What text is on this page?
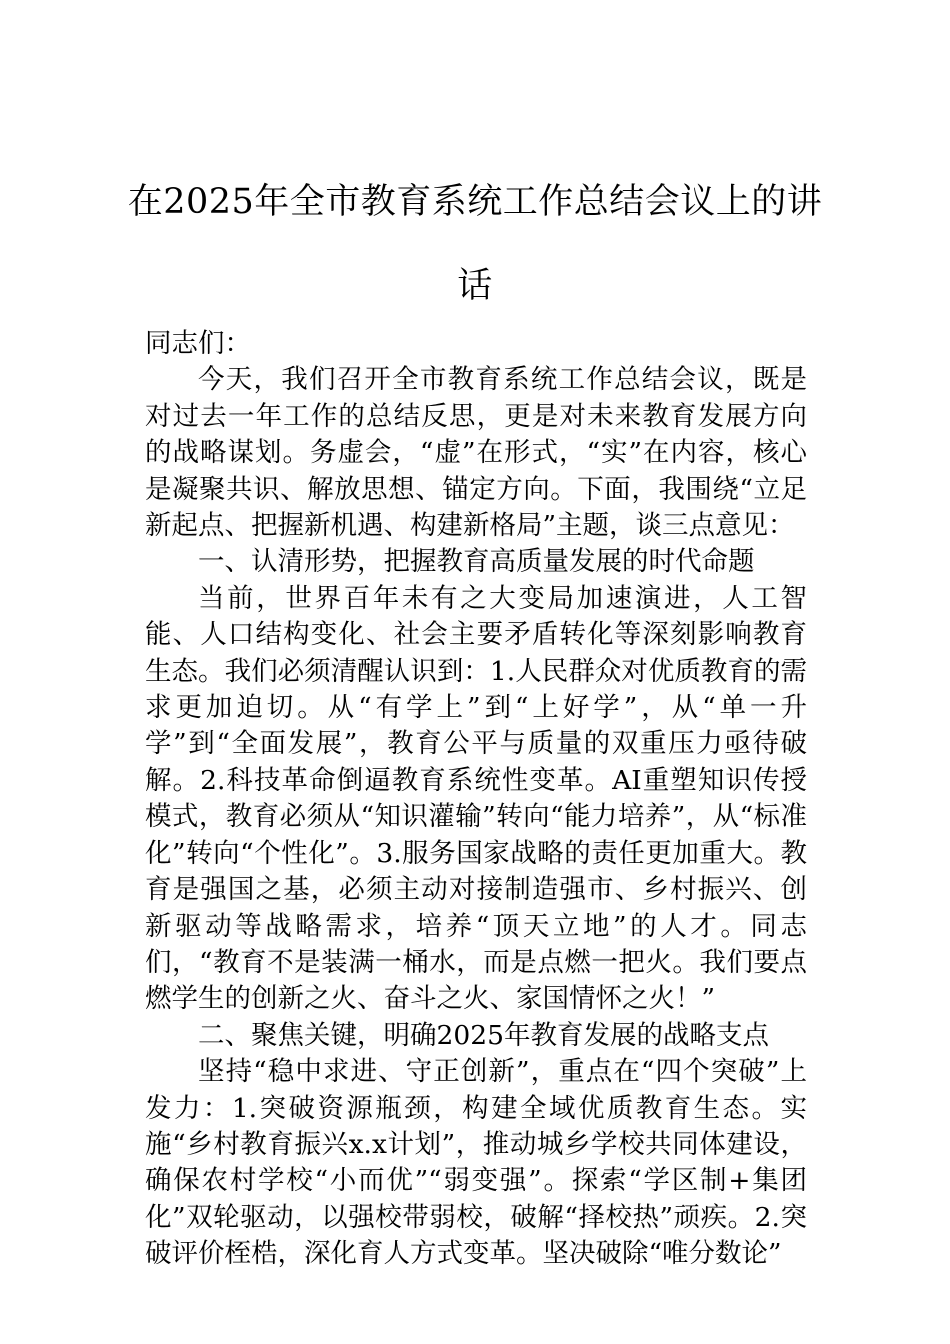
在2025年全市教育系统工作总结会议上的讲话

同志们：

今天，我们召开全市教育系统工作总结会议，既是对过去一年工作的总结反思，更是对未来教育发展方向的战略谋划。务虚会，“虚”在形式，“实”在内容，核心是凝聚共识、解放思想、锚定方向。下面，我围绕“立足新起点、把握新机遇、构建新格局”主题，谈三点意见：

一、认清形势，把握教育高质量发展的时代命题

当前，世界百年未有之大变局加速演进，人工智能、人口结构变化、社会主要矛盾转化等深刻影响教育生态。我们必须清醒认识到：1.人民群众对优质教育的需求更加迫切。从“有学上”到“上好学”，从“单一升学”到“全面发展”，教育公平与质量的双重压力亟待破解。2.科技革命倒逼教育系统性变革。AI重塑知识传授模式，教育必须从“知识灌输”转向“能力培养”，从“标准化”转向“个性化”。3.服务国家战略的责任更加重大。教育是强国之基，必须主动对接制造强市、乡村振兴、创新驱动等战略需求，培养“顶天立地”的人才。同志们，“教育不是装满一桶水，而是点燃一把火。我们要点燃学生的创新之火、奋斗之火、家国情怀之火！”

二、聚焦关键，明确2025年教育发展的战略支点

坚持“稳中求进、守正创新”，重点在“四个突破”上发力：1.突破资源瓶颈，构建全域优质教育生态。实施“乡村教育振兴x.x计划”，推动城乡学校共同体建设，确保农村学校“小而优”“弱变强”。探索“学区制+集团化”双轮驱动，以强校带弱校，破解“择校热”顽疾。2.突破评价桎梏，深化育人方式变革。坚决破除“唯分数论”
